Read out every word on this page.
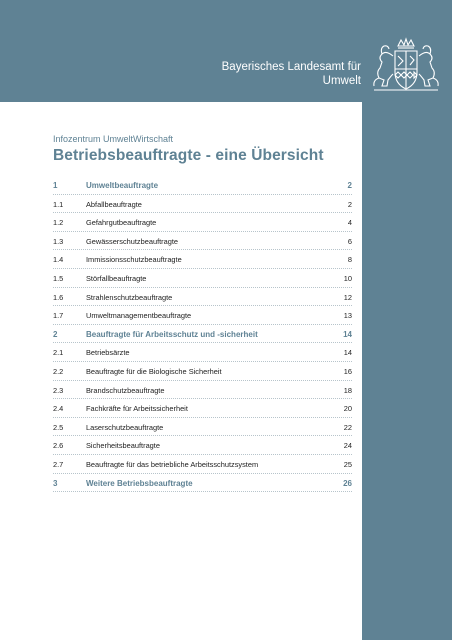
Bayerisches Landesamt für
Umwelt
Infozentrum UmweltWirtschaft
Betriebsbeauftragte - eine Übersicht
1	Umweltbeauftragte	2
1.1	Abfallbeauftragte	2
1.2	Gefahrgutbeauftragte	4
1.3	Gewässerschutzbeauftragte	6
1.4	Immissionsschutzbeauftragte	8
1.5	Störfallbeauftragte	10
1.6	Strahlenschutzbeauftragte	12
1.7	Umweltmanagementbeauftragte	13
2	Beauftragte für Arbeitsschutz und -sicherheit	14
2.1	Betriebsärzte	14
2.2	Beauftragte für die Biologische Sicherheit	16
2.3	Brandschutzbeauftragte	18
2.4	Fachkräfte für Arbeitssicherheit	20
2.5	Laserschutzbeauftragte	22
2.6	Sicherheitsbeauftragte	24
2.7	Beauftragte für das betriebliche Arbeitsschutzsystem	25
3	Weitere Betriebsbeauftragte	26
